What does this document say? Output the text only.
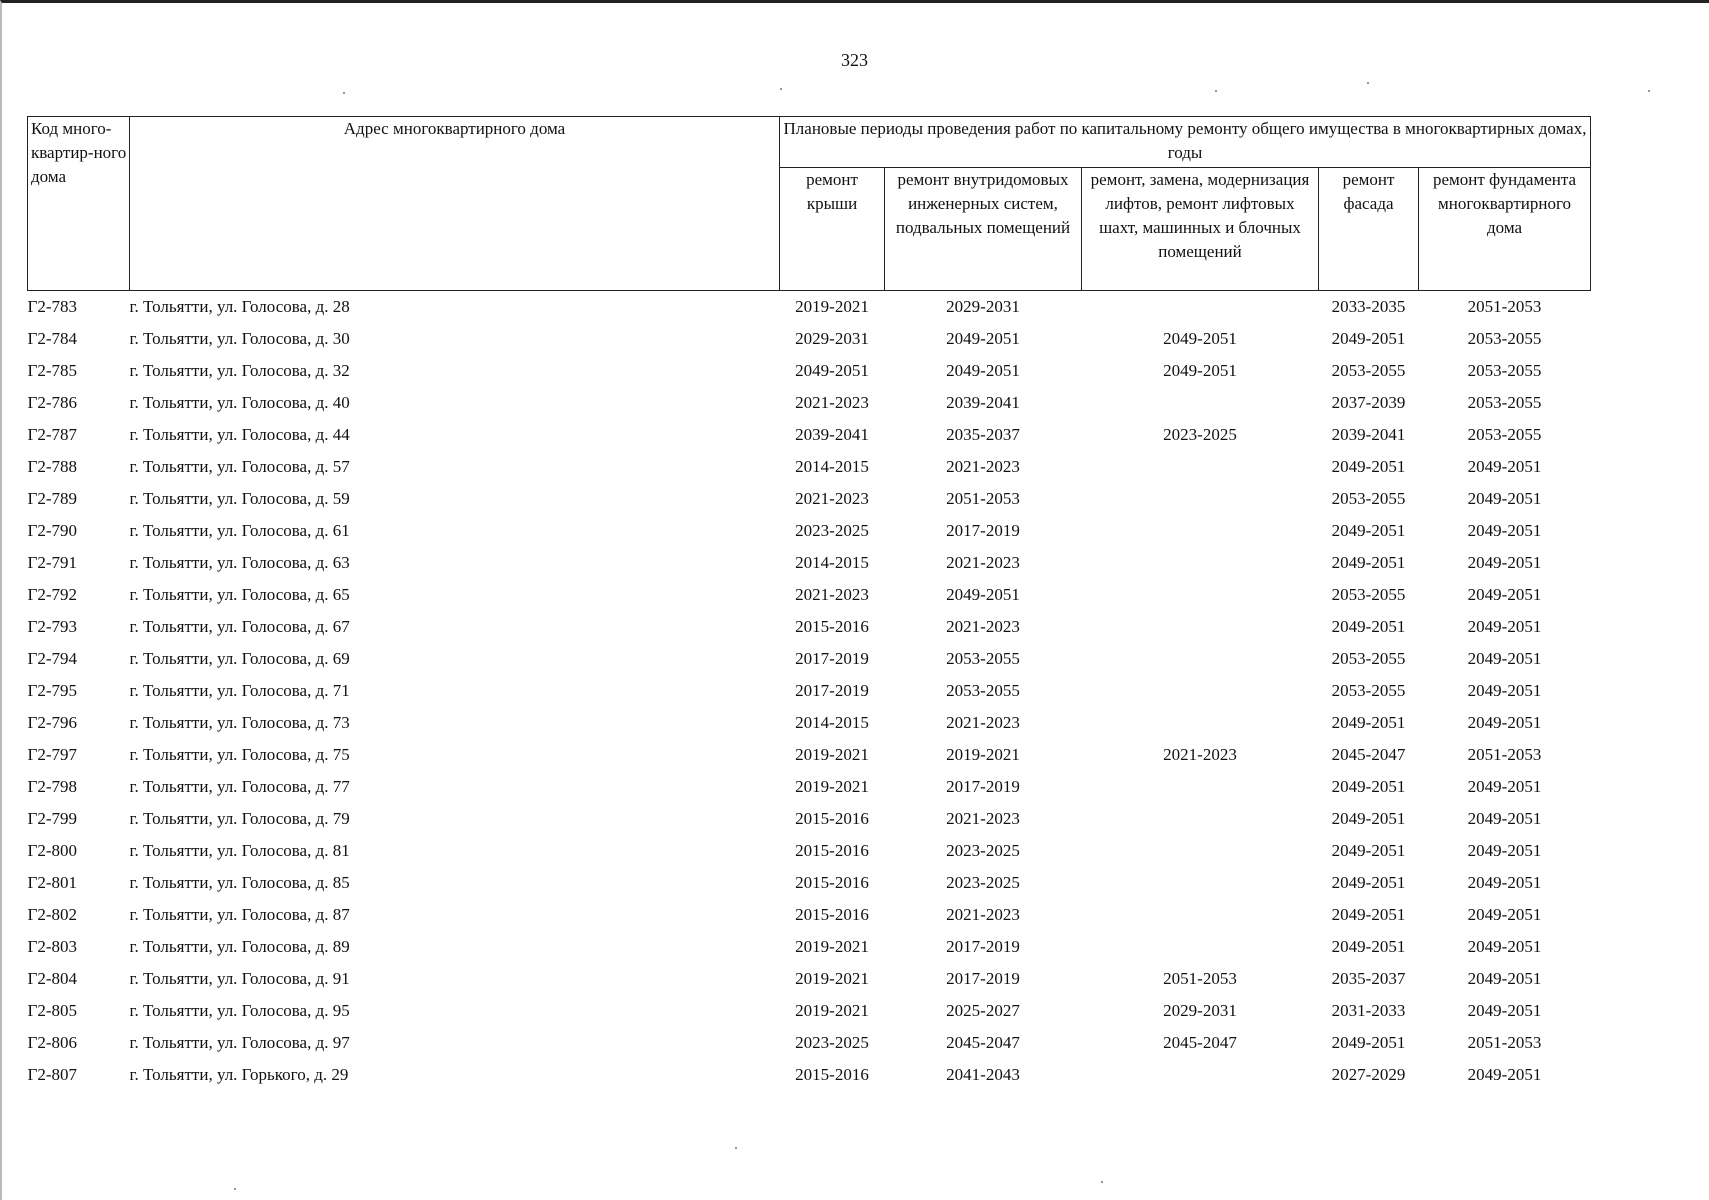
323
Код много-квартир-ного дома	Адрес многоквартирного дома	Плановые периоды проведения работ по капитальному ремонту общего имущества в многоквартирных домах, годы				
		ремонт крыши	ремонт внутридомовых инженерных систем, подвальных помещений	ремонт, замена, модернизация лифтов, ремонт лифтовых шахт, машинных и блочных помещений	ремонт фасада	ремонт фундамента многоквартирного дома
Г2-783	г. Тольятти, ул. Голосова, д. 28	2019-2021	2029-2031		2033-2035	2051-2053
Г2-784	г. Тольятти, ул. Голосова, д. 30	2029-2031	2049-2051	2049-2051	2049-2051	2053-2055
Г2-785	г. Тольятти, ул. Голосова, д. 32	2049-2051	2049-2051	2049-2051	2053-2055	2053-2055
Г2-786	г. Тольятти, ул. Голосова, д. 40	2021-2023	2039-2041		2037-2039	2053-2055
Г2-787	г. Тольятти, ул. Голосова, д. 44	2039-2041	2035-2037	2023-2025	2039-2041	2053-2055
Г2-788	г. Тольятти, ул. Голосова, д. 57	2014-2015	2021-2023		2049-2051	2049-2051
Г2-789	г. Тольятти, ул. Голосова, д. 59	2021-2023	2051-2053		2053-2055	2049-2051
Г2-790	г. Тольятти, ул. Голосова, д. 61	2023-2025	2017-2019		2049-2051	2049-2051
Г2-791	г. Тольятти, ул. Голосова, д. 63	2014-2015	2021-2023		2049-2051	2049-2051
Г2-792	г. Тольятти, ул. Голосова, д. 65	2021-2023	2049-2051		2053-2055	2049-2051
Г2-793	г. Тольятти, ул. Голосова, д. 67	2015-2016	2021-2023		2049-2051	2049-2051
Г2-794	г. Тольятти, ул. Голосова, д. 69	2017-2019	2053-2055		2053-2055	2049-2051
Г2-795	г. Тольятти, ул. Голосова, д. 71	2017-2019	2053-2055		2053-2055	2049-2051
Г2-796	г. Тольятти, ул. Голосова, д. 73	2014-2015	2021-2023		2049-2051	2049-2051
Г2-797	г. Тольятти, ул. Голосова, д. 75	2019-2021	2019-2021	2021-2023	2045-2047	2051-2053
Г2-798	г. Тольятти, ул. Голосова, д. 77	2019-2021	2017-2019		2049-2051	2049-2051
Г2-799	г. Тольятти, ул. Голосова, д. 79	2015-2016	2021-2023		2049-2051	2049-2051
Г2-800	г. Тольятти, ул. Голосова, д. 81	2015-2016	2023-2025		2049-2051	2049-2051
Г2-801	г. Тольятти, ул. Голосова, д. 85	2015-2016	2023-2025		2049-2051	2049-2051
Г2-802	г. Тольятти, ул. Голосова, д. 87	2015-2016	2021-2023		2049-2051	2049-2051
Г2-803	г. Тольятти, ул. Голосова, д. 89	2019-2021	2017-2019		2049-2051	2049-2051
Г2-804	г. Тольятти, ул. Голосова, д. 91	2019-2021	2017-2019	2051-2053	2035-2037	2049-2051
Г2-805	г. Тольятти, ул. Голосова, д. 95	2019-2021	2025-2027	2029-2031	2031-2033	2049-2051
Г2-806	г. Тольятти, ул. Голосова, д. 97	2023-2025	2045-2047	2045-2047	2049-2051	2051-2053
Г2-807	г. Тольятти, ул. Горького, д. 29	2015-2016	2041-2043		2027-2029	2049-2051
